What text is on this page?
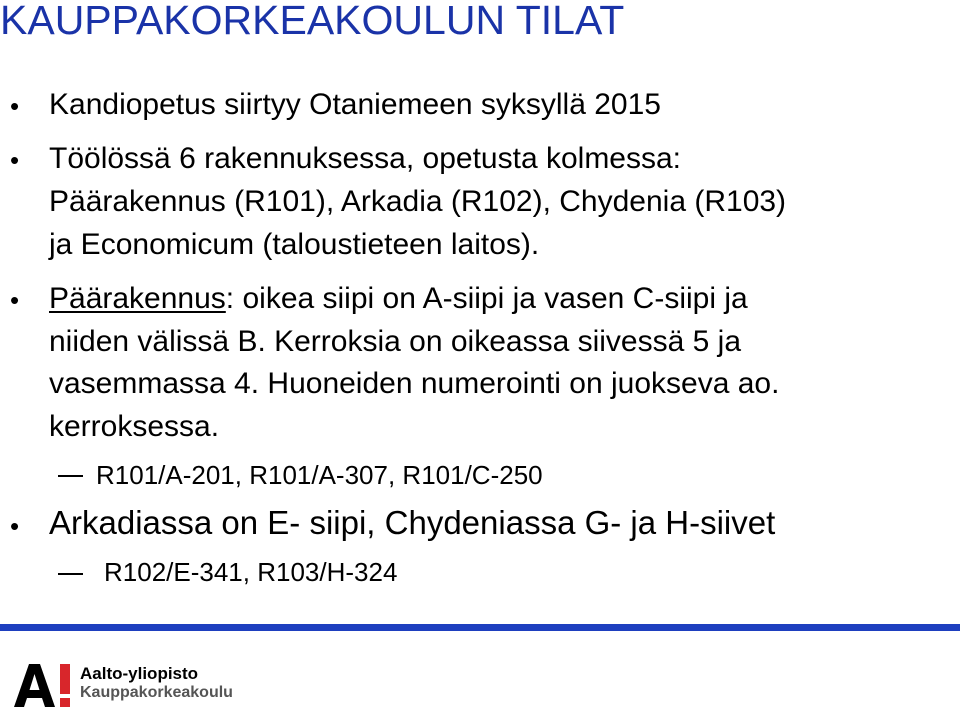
KAUPPAKORKEAKOULUN TILAT
• Kandiopetus siirtyy Otaniemeen syksyllä 2015
• Töölössä 6 rakennuksessa, opetusta kolmessa:
Päärakennus (R101), Arkadia (R102), Chydenia (R103)
ja Economicum (taloustieteen laitos).
• Päärakennus: oikea siipi on A-siipi ja vasen C-siipi ja
niiden välissä B. Kerroksia on oikeassa siivessä 5 ja
vasemmassa 4. Huoneiden numerointi on juokseva ao.
kerroksessa.
R101/A-201, R101/A-307, R101/C-250
• Arkadiassa on E- siipi, Chydeniassa G- ja H-siivet
R102/E-341, R103/H-324
Aalto-yliopisto
Kauppakorkeakoulu
